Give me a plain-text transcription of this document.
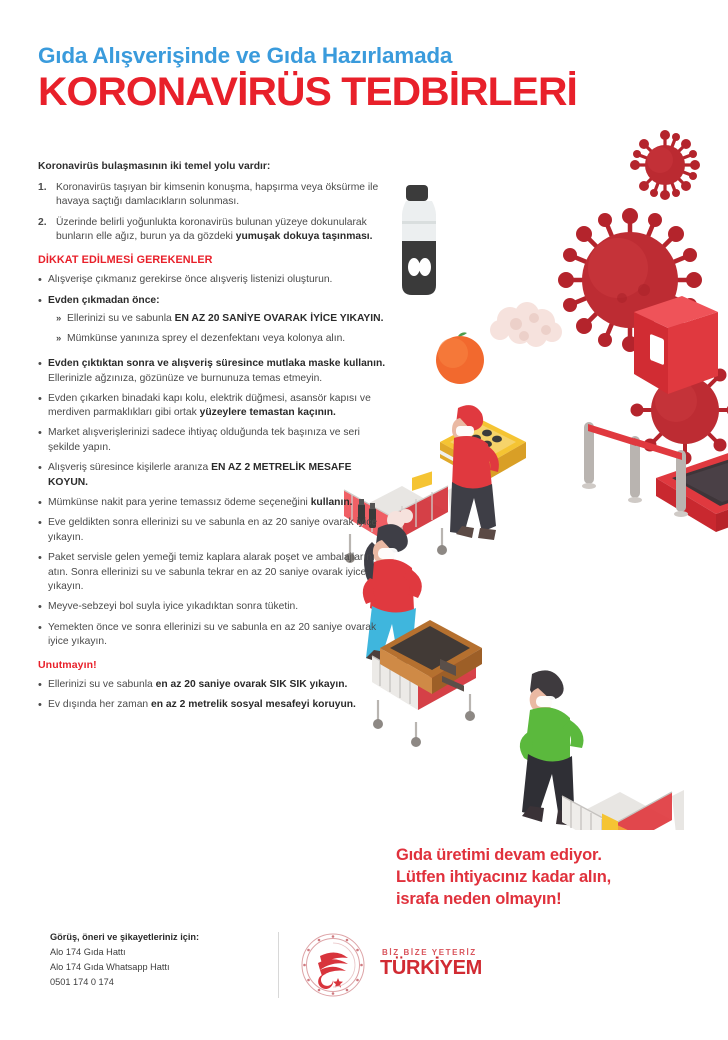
Gıda Alışverişinde ve Gıda Hazırlamada

KORONAVİRÜS TEDBİRLERİ

Koronavirüs bulaşmasının iki temel yolu vardır:

1. Koronavirüs taşıyan bir kimsenin konuşma, hapşırma veya öksürme ile havaya saçtığı damlacıkların solunması.
2. Üzerinde belirli yoğunlukta koronavirüs bulunan yüzeye dokunularak bunların elle ağız, burun ya da gözdeki yumuşak dokuya taşınması.
DİKKAT EDİLMESİ GEREKENLER
• Alışverişe çıkmanız gerekirse önce alışveriş listenizi oluşturun.
• Evden çıkmadan önce:
» Ellerinizi su ve sabunla EN AZ 20 SANİYE OVARAK İYİCE YIKAYIN.
» Mümkünse yanınıza sprey el dezenfektanı veya kolonya alın.
• Evden çıktıktan sonra ve alışveriş süresince mutlaka maske kullanın. Ellerinizle ağzınıza, gözünüze ve burnunuza temas etmeyin.
• Evden çıkarken binadaki kapı kolu, elektrik düğmesi, asansör kapısı ve merdiven parmaklıkları gibi ortak yüzeylere temastan kaçının.
• Market alışverişlerinizi sadece ihtiyaç olduğunda tek başınıza ve seri şekilde yapın.
• Alışveriş süresince kişilerle aranıza EN AZ 2 METRELİK MESAFE KOYUN.
• Mümkünse nakit para yerine temassız ödeme seçeneğini kullanın.
• Eve geldikten sonra ellerinizi su ve sabunla en az 20 saniye ovarak iyice yıkayın.
• Paket servisle gelen yemeği temiz kaplara alarak poşet ve ambalajlarını atın. Sonra ellerinizi su ve sabunla tekrar en az 20 saniye ovarak iyice yıkayın.
• Meyve-sebzeyi bol suyla iyice yıkadıktan sonra tüketin.
• Yemekten önce ve sonra ellerinizi su ve sabunla en az 20 saniye ovarak iyice yıkayın.
Unutmayın!
• Ellerinizi su ve sabunla en az 20 saniye ovarak SIK SIK yıkayın.
• Ev dışında her zaman en az 2 metrelik sosyal mesafeyi koruyun.
Gıda üretimi devam ediyor.
Lütfen ihtiyacınız kadar alın,
israfa neden olmayın!
Görüş, öneri ve şikayetleriniz için:
Alo 174 Gıda Hattı
Alo 174 Gıda Whatsapp Hattı
0501 174 0 174
BİZ BİZE YETERİZ
TÜRKİYEM
